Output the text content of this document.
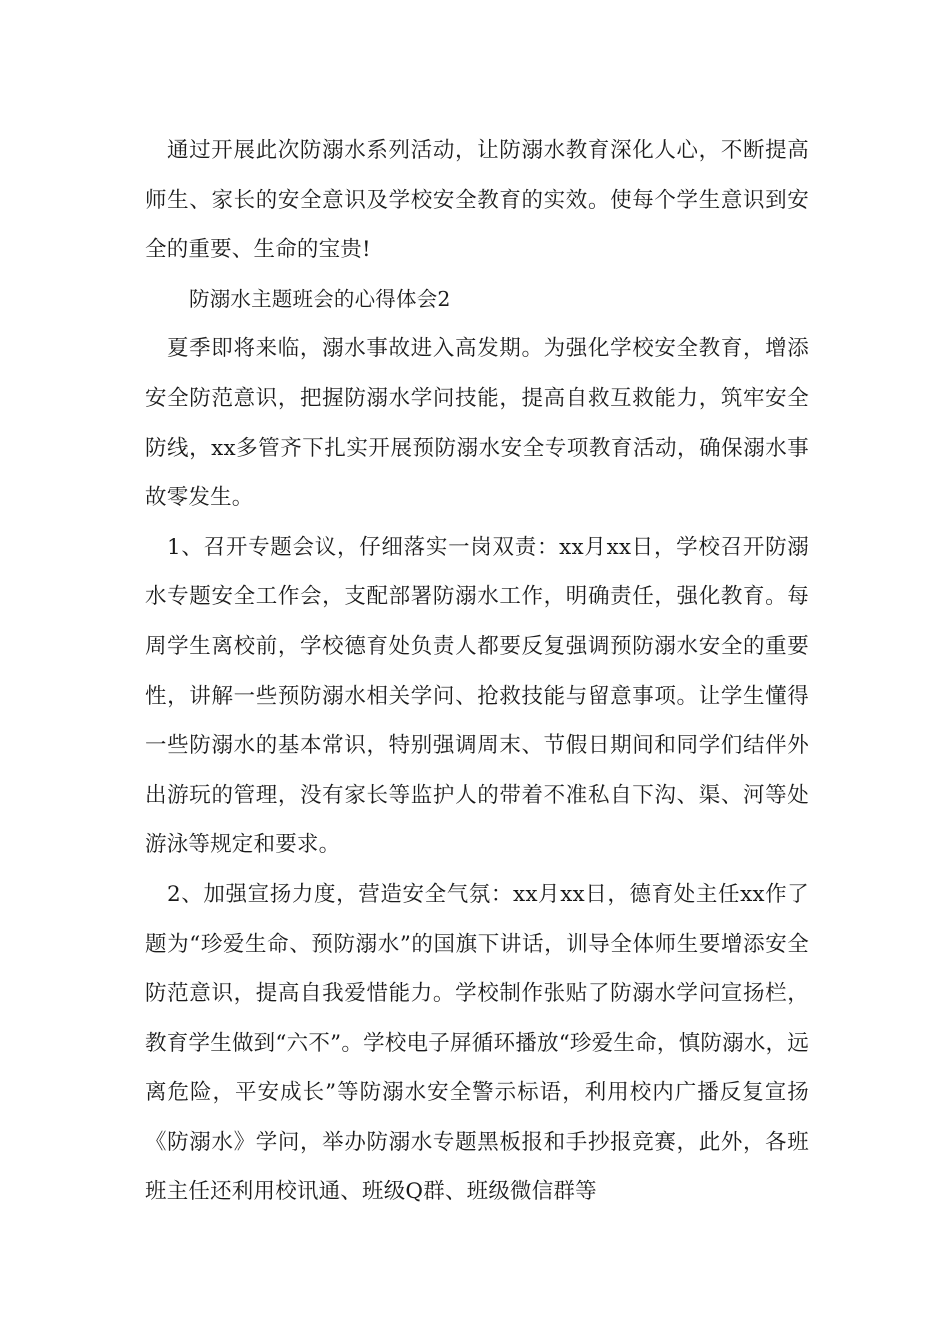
通过开展此次防溺水系列活动，让防溺水教育深化人心，不断提高师生、家长的安全意识及学校安全教育的实效。使每个学生意识到安全的重要、生命的宝贵!

防溺水主题班会的心得体会2

夏季即将来临，溺水事故进入高发期。为强化学校安全教育，增添安全防范意识，把握防溺水学问技能，提高自救互救能力，筑牢安全防线，xx多管齐下扎实开展预防溺水安全专项教育活动，确保溺水事故零发生。

1、召开专题会议，仔细落实一岗双责：xx月xx日，学校召开防溺水专题安全工作会，支配部署防溺水工作，明确责任，强化教育。每周学生离校前，学校德育处负责人都要反复强调预防溺水安全的重要性，讲解一些预防溺水相关学问、抢救技能与留意事项。让学生懂得一些防溺水的基本常识，特别强调周末、节假日期间和同学们结伴外出游玩的管理，没有家长等监护人的带着不准私自下沟、渠、河等处游泳等规定和要求。

2、加强宣扬力度，营造安全气氛：xx月xx日，德育处主任xx作了题为“珍爱生命、预防溺水”的国旗下讲话，训导全体师生要增添安全防范意识，提高自我爱惜能力。学校制作张贴了防溺水学问宣扬栏，教育学生做到“六不”。学校电子屏循环播放“珍爱生命，慎防溺水，远离危险，平安成长”等防溺水安全警示标语，利用校内广播反复宣扬《防溺水》学问，举办防溺水专题黑板报和手抄报竞赛，此外，各班班主任还利用校讯通、班级Q群、班级微信群等
